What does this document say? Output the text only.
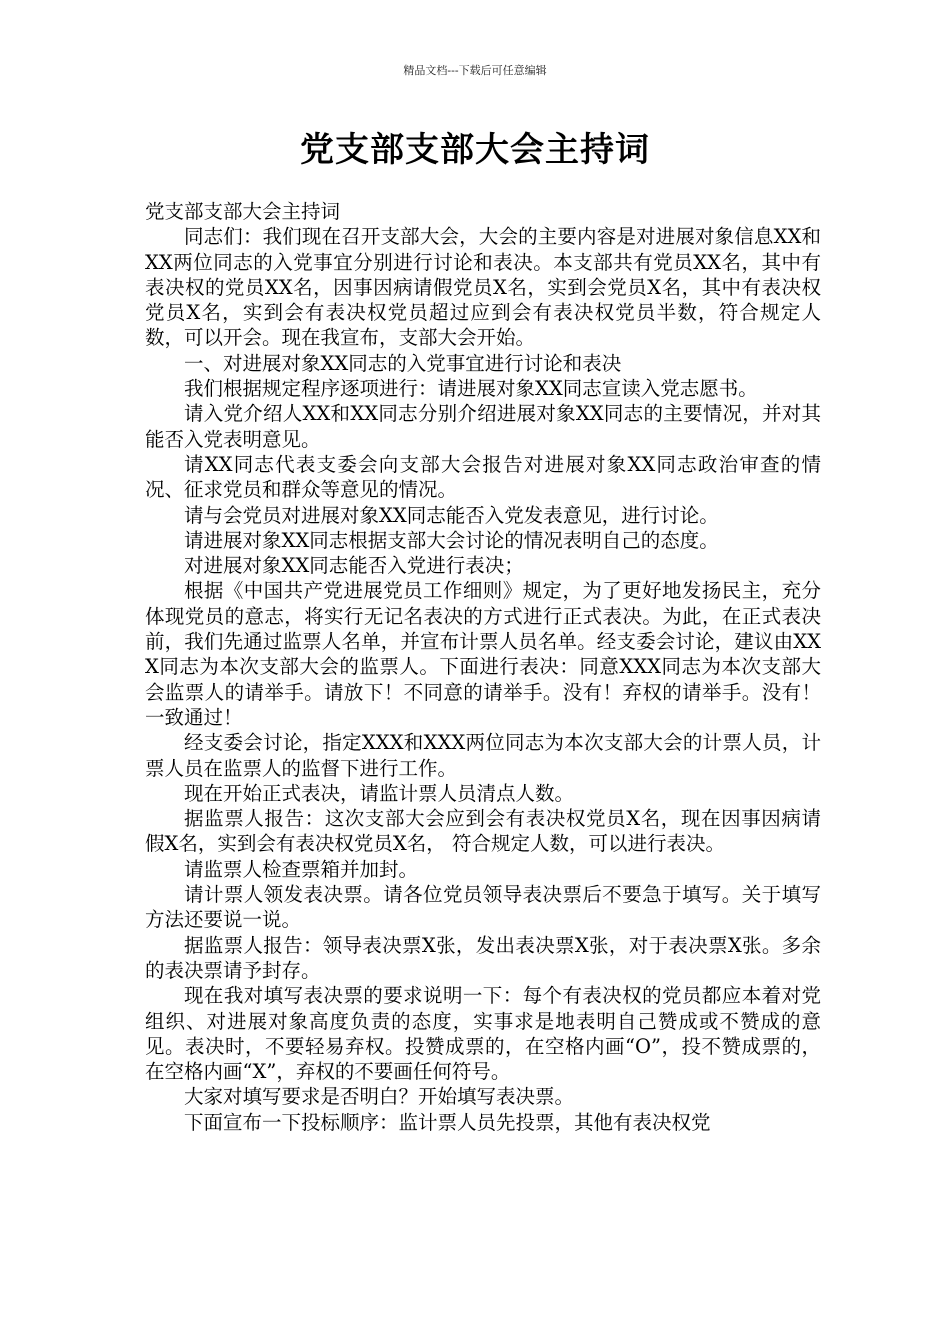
精品文档---下载后可任意编辑
党支部支部大会主持词

党支部支部大会主持词

同志们：我们现在召开支部大会，大会的主要内容是对进展对象信息XX和XX两位同志的入党事宜分别进行讨论和表决。本支部共有党员XX名，其中有表决权的党员XX名，因事因病请假党员X名，实到会党员X名，其中有表决权党员X名，实到会有表决权党员超过应到会有表决权党员半数，符合规定人数，可以开会。现在我宣布，支部大会开始。

一、对进展对象XX同志的入党事宜进行讨论和表决

我们根据规定程序逐项进行：请进展对象XX同志宣读入党志愿书。

请入党介绍人XX和XX同志分别介绍进展对象XX同志的主要情况，并对其能否入党表明意见。

请XX同志代表支委会向支部大会报告对进展对象XX同志政治审查的情况、征求党员和群众等意见的情况。

请与会党员对进展对象XX同志能否入党发表意见，进行讨论。

请进展对象XX同志根据支部大会讨论的情况表明自己的态度。

对进展对象XX同志能否入党进行表决；

根据《中国共产党进展党员工作细则》规定，为了更好地发扬民主，充分体现党员的意志，将实行无记名表决的方式进行正式表决。为此，在正式表决前，我们先通过监票人名单，并宣布计票人员名单。经支委会讨论，建议由XXX同志为本次支部大会的监票人。下面进行表决：同意XXX同志为本次支部大会监票人的请举手。请放下！不同意的请举手。没有！弃权的请举手。没有！一致通过！

经支委会讨论，指定XXX和XXX两位同志为本次支部大会的计票人员，计票人员在监票人的监督下进行工作。

现在开始正式表决，请监计票人员清点人数。

据监票人报告：这次支部大会应到会有表决权党员X名，现在因事因病请假X名，实到会有表决权党员X名， 符合规定人数，可以进行表决。

请监票人检查票箱并加封。

请计票人领发表决票。请各位党员领导表决票后不要急于填写。关于填写方法还要说一说。

据监票人报告：领导表决票X张，发出表决票X张，对于表决票X张。多余的表决票请予封存。

现在我对填写表决票的要求说明一下：每个有表决权的党员都应本着对党组织、对进展对象高度负责的态度，实事求是地表明自己赞成或不赞成的意见。表决时，不要轻易弃权。投赞成票的，在空格内画“O”，投不赞成票的，在空格内画“X”，弃权的不要画任何符号。

大家对填写要求是否明白？开始填写表决票。

下面宣布一下投标顺序：监计票人员先投票，其他有表决权党
